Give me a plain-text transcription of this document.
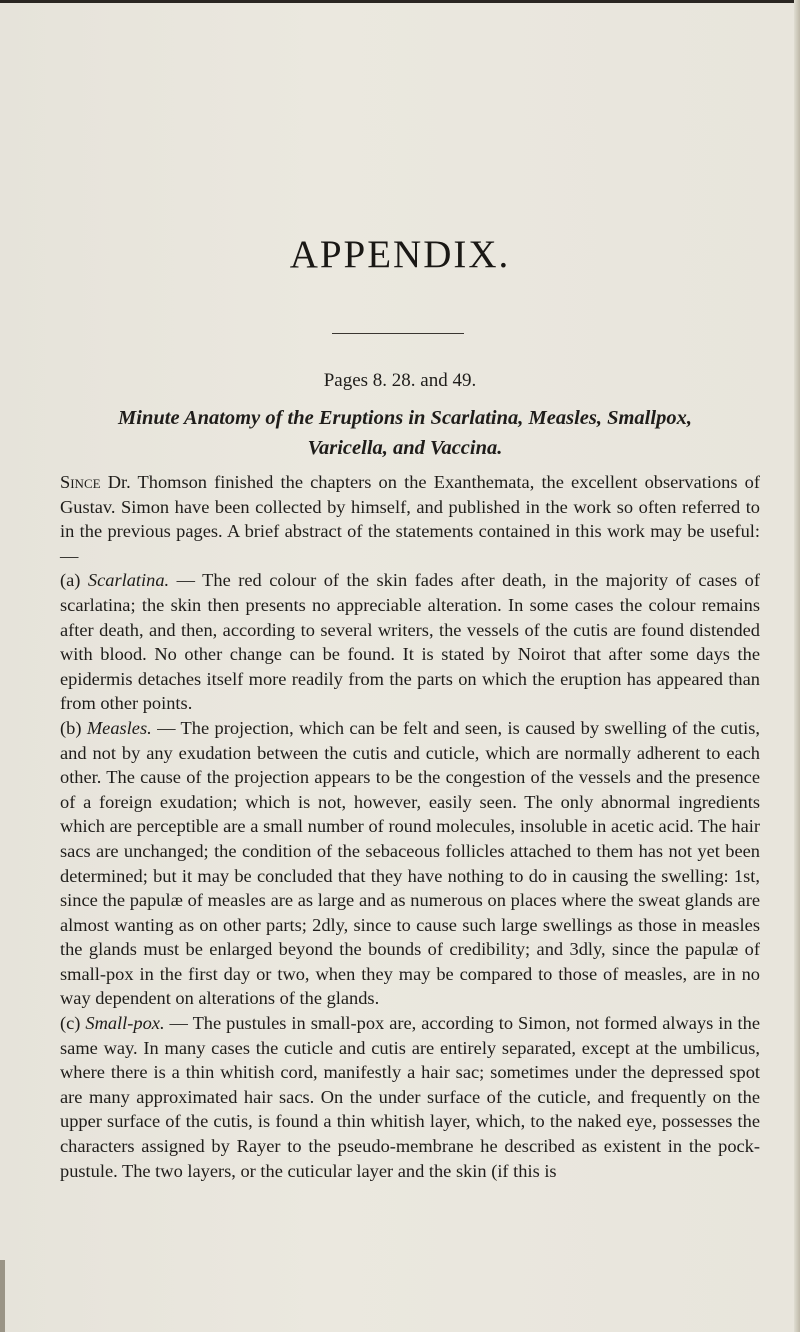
APPENDIX.
Pages 8. 28. and 49.
Minute Anatomy of the Eruptions in Scarlatina, Measles, Smallpox,
Varicella, and Vaccina.

Since Dr. Thomson finished the chapters on the Exanthemata, the excellent observations of Gustav. Simon have been collected by himself, and published in the work so often referred to in the previous pages. A brief abstract of the statements contained in this work may be useful: —

(a) Scarlatina. — The red colour of the skin fades after death, in the majority of cases of scarlatina; the skin then presents no appreciable alteration. In some cases the colour remains after death, and then, according to several writers, the vessels of the cutis are found distended with blood. No other change can be found. It is stated by Noirot that after some days the epidermis detaches itself more readily from the parts on which the eruption has appeared than from other points.

(b) Measles. — The projection, which can be felt and seen, is caused by swelling of the cutis, and not by any exudation between the cutis and cuticle, which are normally adherent to each other. The cause of the projection appears to be the congestion of the vessels and the presence of a foreign exudation; which is not, however, easily seen. The only abnormal ingredients which are perceptible are a small number of round molecules, insoluble in acetic acid. The hair sacs are unchanged; the condition of the sebaceous follicles attached to them has not yet been determined; but it may be concluded that they have nothing to do in causing the swelling: 1st, since the papulæ of measles are as large and as numerous on places where the sweat glands are almost wanting as on other parts; 2dly, since to cause such large swellings as those in measles the glands must be enlarged beyond the bounds of credibility; and 3dly, since the papulæ of small-pox in the first day or two, when they may be compared to those of measles, are in no way dependent on alterations of the glands.

(c) Small-pox. — The pustules in small-pox are, according to Simon, not formed always in the same way. In many cases the cuticle and cutis are entirely separated, except at the umbilicus, where there is a thin whitish cord, manifestly a hair sac; sometimes under the depressed spot are many approximated hair sacs. On the under surface of the cuticle, and frequently on the upper surface of the cutis, is found a thin whitish layer, which, to the naked eye, possesses the characters assigned by Rayer to the pseudo-membrane he described as existent in the pock-pustule. The two layers, or the cuticular layer and the skin (if this is
